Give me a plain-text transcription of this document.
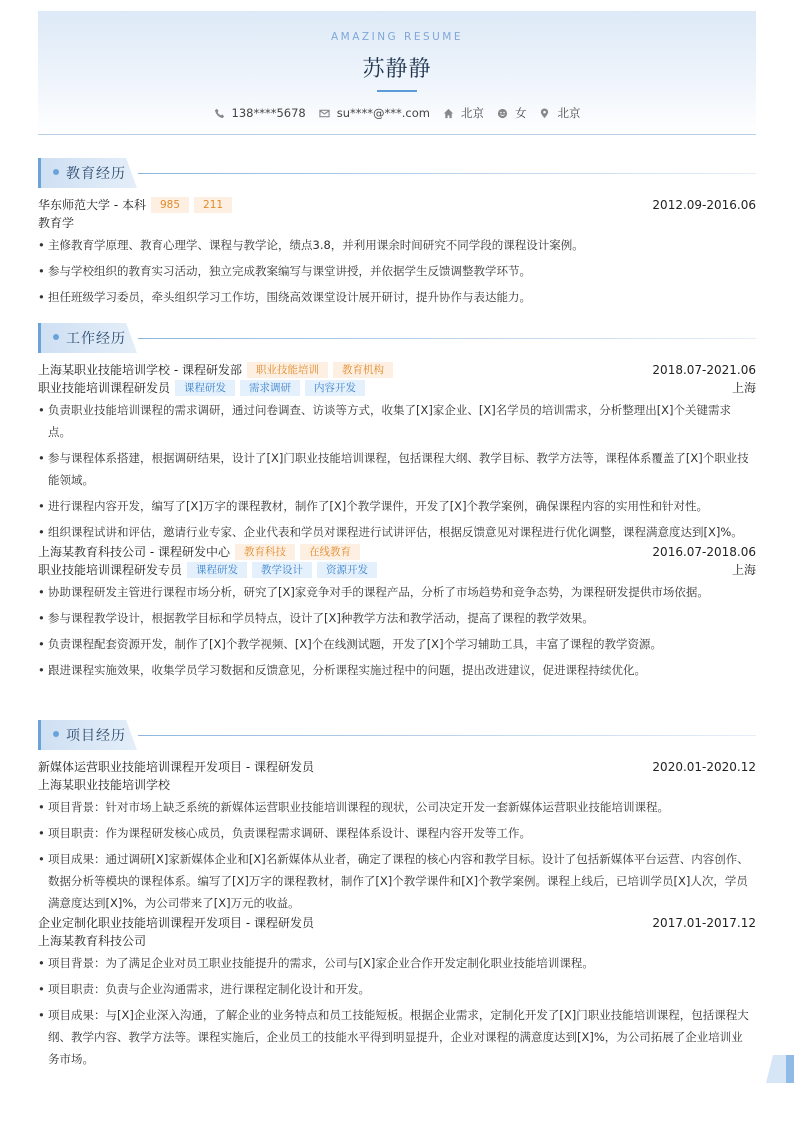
AMAZING RESUME
苏静静
138****5678	su****@***.com	北京	女	北京
教育经历
华东师范大学 - 本科 985 211	2012.09-2016.06
教育学
• 主修教育学原理、教育心理学、课程与教学论，绩点3.8，并利用课余时间研究不同学段的课程设计案例。
• 参与学校组织的教育实习活动，独立完成教案编写与课堂讲授，并依据学生反馈调整教学环节。
• 担任班级学习委员，牵头组织学习工作坊，围绕高效课堂设计展开研讨，提升协作与表达能力。
工作经历
上海某职业技能培训学校 - 课程研发部 职业技能培训 教育机构	2018.07-2021.06
职业技能培训课程研发员 课程研发 需求调研 内容开发	上海
• 负责职业技能培训课程的需求调研，通过问卷调查、访谈等方式，收集了[X]家企业、[X]名学员的培训需求，分析整理出[X]个关键需求点。
• 参与课程体系搭建，根据调研结果，设计了[X]门职业技能培训课程，包括课程大纲、教学目标、教学方法等，课程体系覆盖了[X]个职业技能领域。
• 进行课程内容开发，编写了[X]万字的课程教材，制作了[X]个教学课件，开发了[X]个教学案例，确保课程内容的实用性和针对性。
• 组织课程试讲和评估，邀请行业专家、企业代表和学员对课程进行试讲评估，根据反馈意见对课程进行优化调整，课程满意度达到[X]%。
上海某教育科技公司 - 课程研发中心 教育科技 在线教育	2016.07-2018.06
职业技能培训课程研发专员 课程研发 教学设计 资源开发	上海
• 协助课程研发主管进行课程市场分析，研究了[X]家竞争对手的课程产品，分析了市场趋势和竞争态势，为课程研发提供市场依据。
• 参与课程教学设计，根据教学目标和学员特点，设计了[X]种教学方法和教学活动，提高了课程的教学效果。
• 负责课程配套资源开发，制作了[X]个教学视频、[X]个在线测试题，开发了[X]个学习辅助工具，丰富了课程的教学资源。
• 跟进课程实施效果，收集学员学习数据和反馈意见，分析课程实施过程中的问题，提出改进建议，促进课程持续优化。
项目经历
新媒体运营职业技能培训课程开发项目 - 课程研发员	2020.01-2020.12
上海某职业技能培训学校
• 项目背景：针对市场上缺乏系统的新媒体运营职业技能培训课程的现状，公司决定开发一套新媒体运营职业技能培训课程。
• 项目职责：作为课程研发核心成员，负责课程需求调研、课程体系设计、课程内容开发等工作。
• 项目成果：通过调研[X]家新媒体企业和[X]名新媒体从业者，确定了课程的核心内容和教学目标。设计了包括新媒体平台运营、内容创作、数据分析等模块的课程体系。编写了[X]万字的课程教材，制作了[X]个教学课件和[X]个教学案例。课程上线后，已培训学员[X]人次，学员满意度达到[X]%，为公司带来了[X]万元的收益。
企业定制化职业技能培训课程开发项目 - 课程研发员	2017.01-2017.12
上海某教育科技公司
• 项目背景：为了满足企业对员工职业技能提升的需求，公司与[X]家企业合作开发定制化职业技能培训课程。
• 项目职责：负责与企业沟通需求，进行课程定制化设计和开发。
• 项目成果：与[X]企业深入沟通，了解企业的业务特点和员工技能短板。根据企业需求，定制化开发了[X]门职业技能培训课程，包括课程大纲、教学内容、教学方法等。课程实施后，企业员工的技能水平得到明显提升，企业对课程的满意度达到[X]%，为公司拓展了企业培训业务市场。
